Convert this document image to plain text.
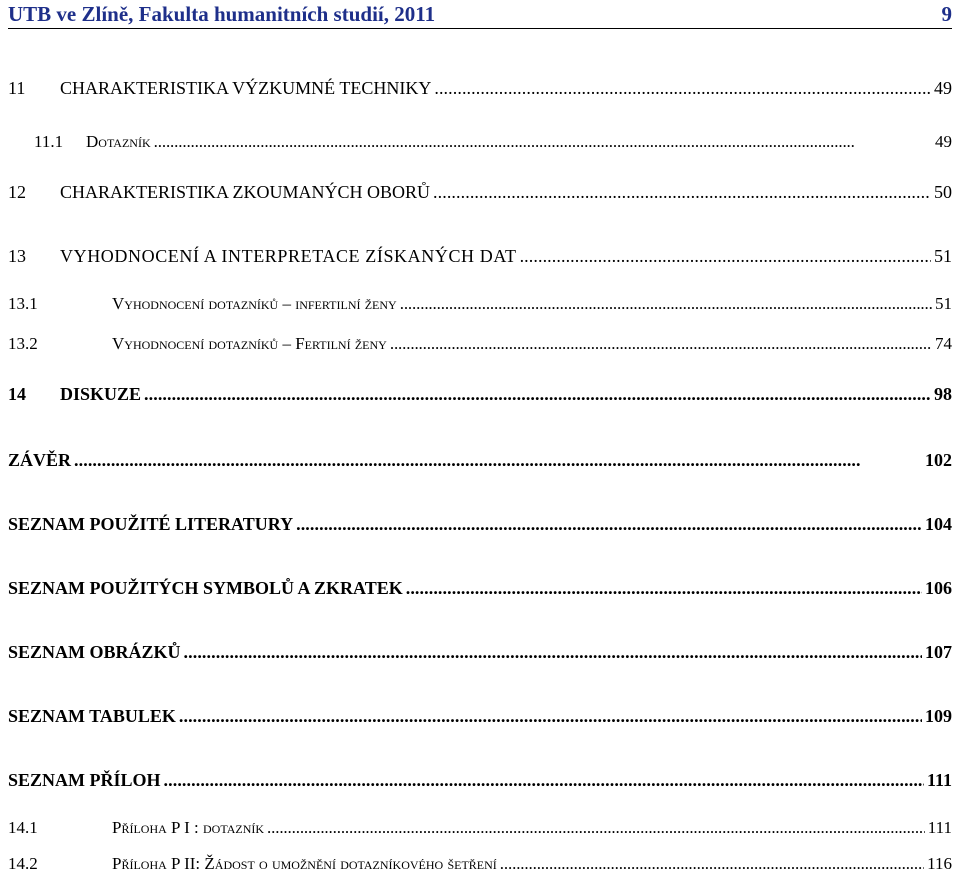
UTB ve Zlíně, Fakulta humanitních studií, 2011	9
11	CHARAKTERISTIKA VÝZKUMNÉ TECHNIKY . . .	49
11.1	Dotazník . . .	49
12	CHARAKTERISTIKA ZKOUMANÝCH OBORŮ . . .	50
13	VYHODNOCENÍ A INTERPRETACE ZÍSKANÝCH DAT . . .	51
13.1	Vyhodnocení dotazníků – infertilní ženy . . .	51
13.2	Vyhodnocení dotazníků – Fertilní ženy . . .	74
14	DISKUZE . . .	98
ZÁVĚR . . .	102
SEZNAM POUŽITÉ LITERATURY . . .	104
SEZNAM POUŽITÝCH SYMBOLŮ A ZKRATEK . . .	106
SEZNAM OBRÁZKŮ . . .	107
SEZNAM TABULEK . . .	109
SEZNAM PŘÍLOH . . .	111
14.1	Příloha P I : dotazník . . .	111
14.2	Příloha P II: Žádost o umožnění dotazníkového šetření . . .	116
